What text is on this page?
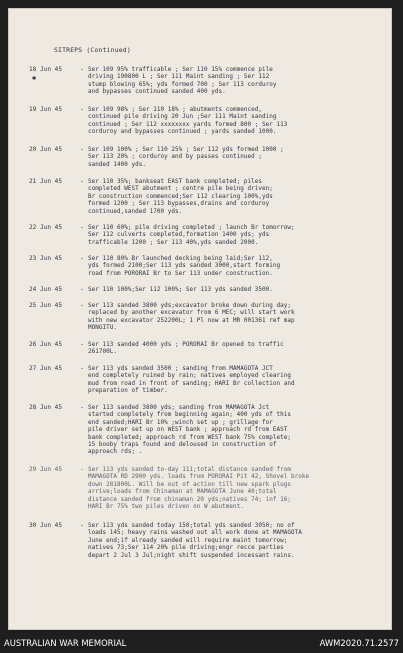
SITREPS (Continued)
✱
18 Jun 45	- Ser 109 95% trafficable ; Ser 110 15% commence pile
driving 190800 L ; Ser 111 Maint sanding ; Ser 112
stump blowing 65%; yds formed 700 ; Ser 113 corduroy
and bypasses continued sanded 400 yds.
19 Jun 45	- Ser 109 98% ; Ser 110 18% ; abutments commenced,
continued pile driving 20 Jun ;Ser 111 Maint sanding
continued ; Ser 112 xxxxxxxx yards formed 800 ; Ser 113
corduroy and bypasses continued ; yards sanded 1000.
20 Jun 45	- Ser 109 100% ; Ser 110 25% ; Ser 112 yds formed 1000 ;
Ser 113 20% ; corduroy and by passes continued ;
sanded 1400 yds.
21 Jun 45	- Ser 110 35%; bankseat EAST bank completed; piles
completed WEST abutment ; centre pile being driven;
Br construction commenced;Ser 112 clearing 100%,yds
formed 1200 ; Ser 113 bypasses,drains and corduroy
continued,sanded 1700 yds.
22 Jun 45	- Ser 110 60%; pile driving completed ; launch Br tomorrow;
Ser 112 culverts completed,formation 1400 yds; yds
trafficable 1200 ; Ser 113 40%,yds sanded 2000.
23 Jun 45	- Ser 110 80% Br launched decking being laid;Ser 112,
yds formed 2100;Ser 113 yds sanded 3000,start forming
road from PORORAI Br to Ser 113 under construction.
24 Jun 45	- Ser 110 100%;Ser 112 100%; Ser 113 yds sanded 3500.
25 Jun 45	- Ser 113 sanded 3800 yds;excavator broke down during day;
replaced by another excavator from 6 MEC; will start work
with new excavator 252200L; 1 Pl now at MR 001361 ref map
MONGITU.
26 Jun 45	- Ser 113 sanded 4000 yds ; PORORAI Br opened to traffic
261700L.
27 Jun 45	- Ser 113 yds sanded 3500 ; sanding from MAMAGOTA JCT
end completely ruined by rain; natives employed clearing
mud from road in front of sanding; HARI Br collection and
preparation of timber.
28 Jun 45	- Ser 113 sanded 3800 yds; sanding from MAMAGOTA Jct
started completely from beginning again; 400 yds of this
end sanded;HARI Br 10% ;winch set up ; grillage for
pile driver set up on WEST bank ; approach rd from EAST
bank completed; approach rd from WEST bank 75% complete;
15 booby traps found and deloused in construction of
approach rds; .
29 Jun 45	- Ser 113 yds sanded to-day 111;total distance sanded from
MAMAGOTA RD 2900 yds. loads from PORORAI Pit 42, Shovel broke
down 281800L. Will be out of action till new spark plugs
arrive;loads from Chinaman at MAMAGOTA June 40;total
distance sanded from chinaman 20 yds;natives 74; inf 16;
HARI Br 75% two piles driven on W abutment.
30 Jun 45	- Ser 113 yds sanded today 150;total yds sanded 3050; no of
loads 145; heavy rains washed out all work done at MAMAGOTA
June end;if already sanded will require maint tomorrow;
natives 73;Ser 114 20% pile driving;engr recce parties
depart 2 Jul 3 Jul;night shift suspended incessant rains.
AUSTRALIAN WAR MEMORIAL	AWM2020.71.2577
